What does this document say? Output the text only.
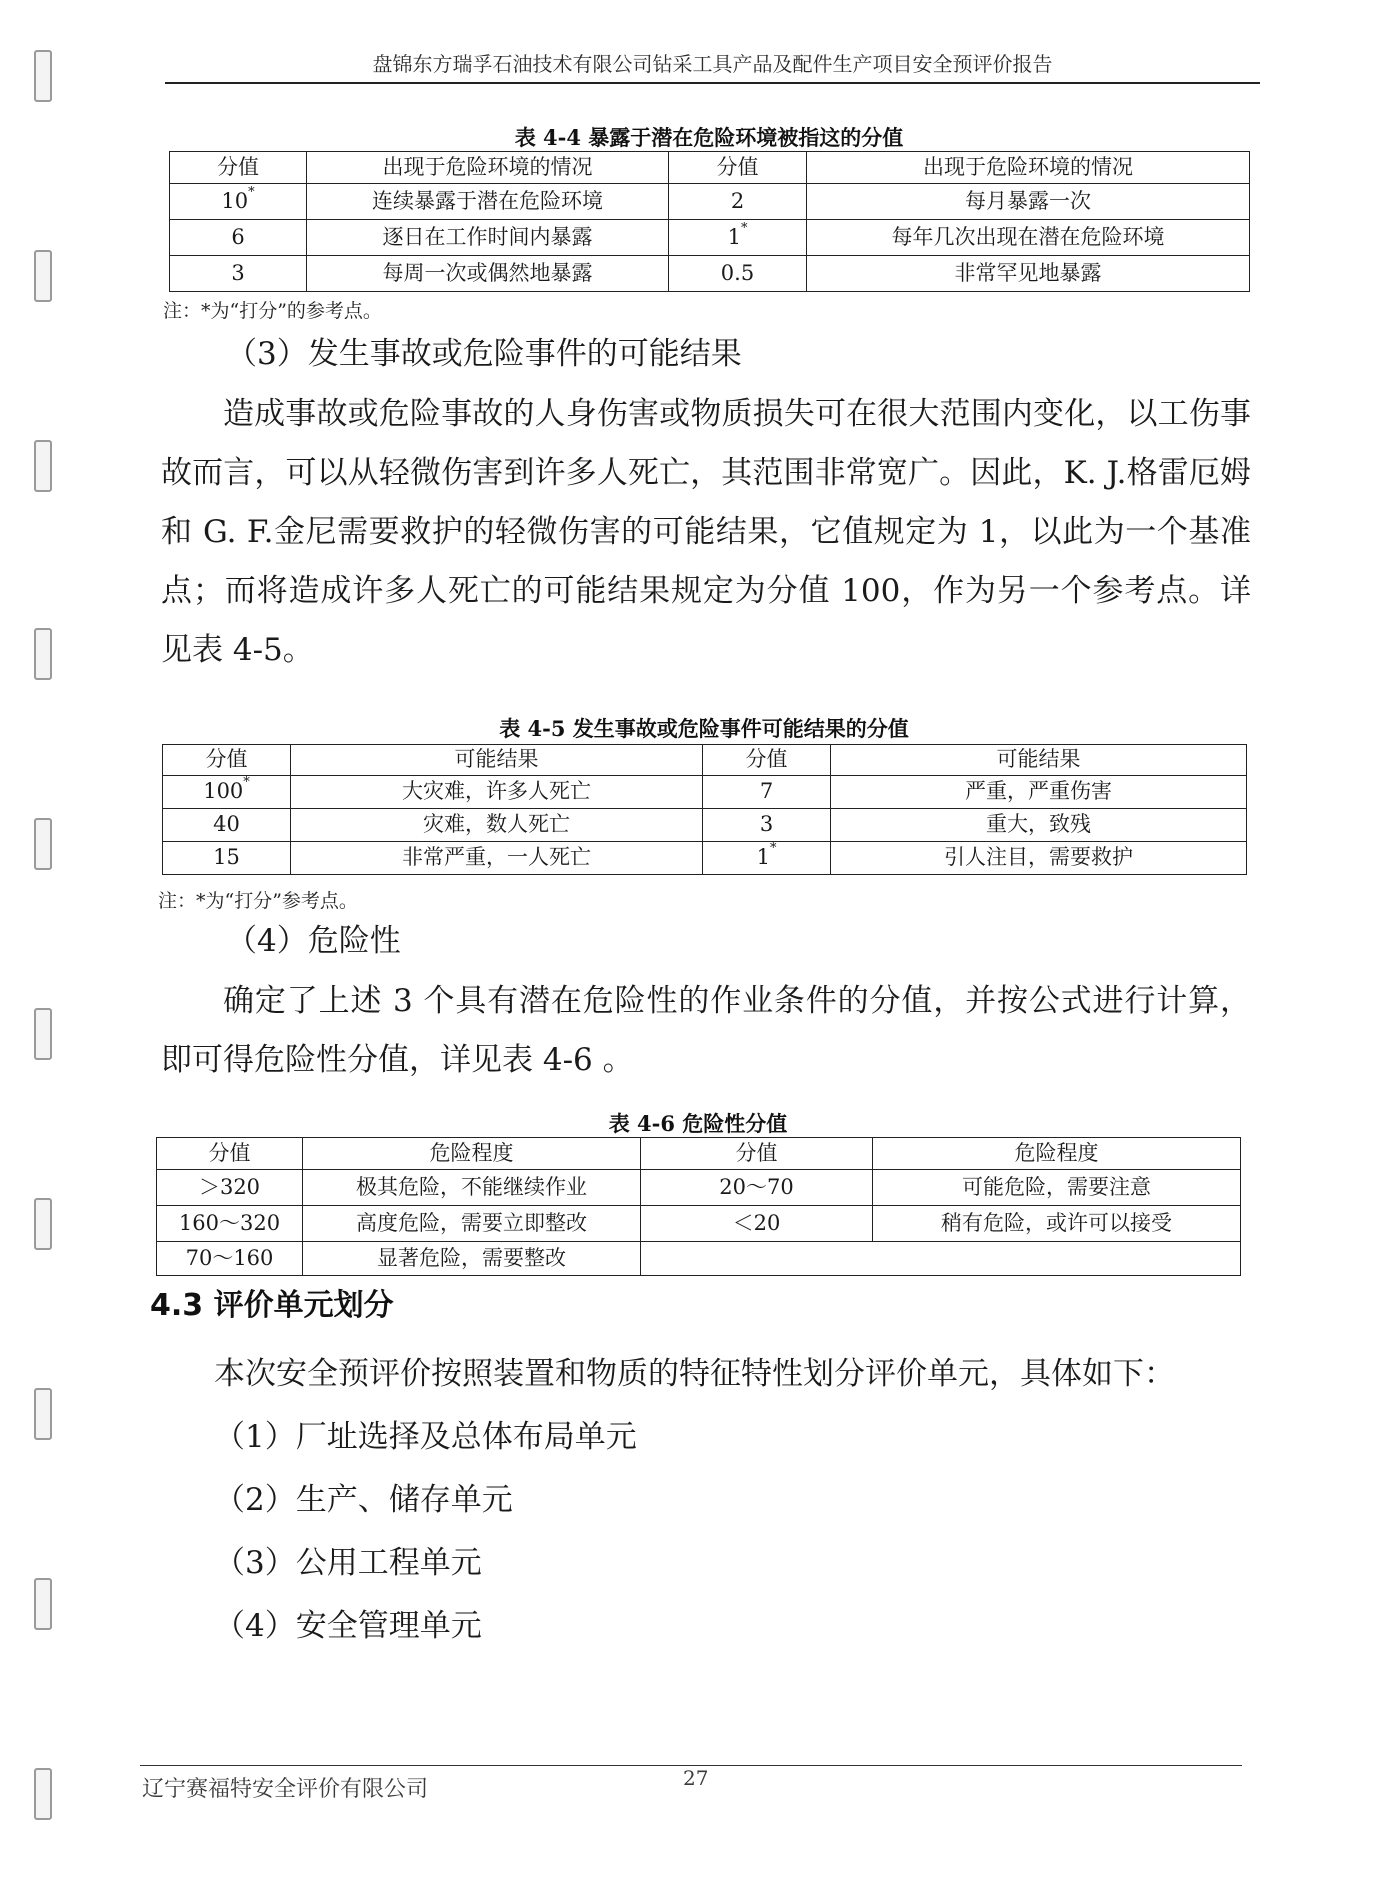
盘锦东方瑞孚石油技术有限公司钻采工具产品及配件生产项目安全预评价报告
表 4-4 暴露于潜在危险环境被指这的分值
分值	出现于危险环境的情况	分值	出现于危险环境的情况
10*	连续暴露于潜在危险环境	2	每月暴露一次
6	逐日在工作时间内暴露	1*	每年几次出现在潜在危险环境
3	每周一次或偶然地暴露	0.5	非常罕见地暴露
注：*为“打分”的参考点。
（3）发生事故或危险事件的可能结果
造成事故或危险事故的人身伤害或物质损失可在很大范围内变化，以工伤事故而言，可以从轻微伤害到许多人死亡，其范围非常宽广。因此，K. J.格雷厄姆和 G. F.金尼需要救护的轻微伤害的可能结果，它值规定为 1，以此为一个基准点；而将造成许多人死亡的可能结果规定为分值 100，作为另一个参考点。详见表 4-5。
表 4-5 发生事故或危险事件可能结果的分值
分值	可能结果	分值	可能结果
100*	大灾难，许多人死亡	7	严重，严重伤害
40	灾难，数人死亡	3	重大，致残
15	非常严重，一人死亡	1*	引人注目，需要救护
注：*为“打分”参考点。
（4）危险性
确定了上述 3 个具有潜在危险性的作业条件的分值，并按公式进行计算，即可得危险性分值，详见表 4-6 。
表 4-6 危险性分值
分值	危险程度	分值	危险程度
＞320	极其危险，不能继续作业	20～70	可能危险，需要注意
160～320	高度危险，需要立即整改	＜20	稍有危险，或许可以接受
70～160	显著危险，需要整改		
4.3 评价单元划分
本次安全预评价按照装置和物质的特征特性划分评价单元，具体如下：
（1）厂址选择及总体布局单元
（2）生产、储存单元
（3）公用工程单元
（4）安全管理单元
辽宁赛福特安全评价有限公司	27
